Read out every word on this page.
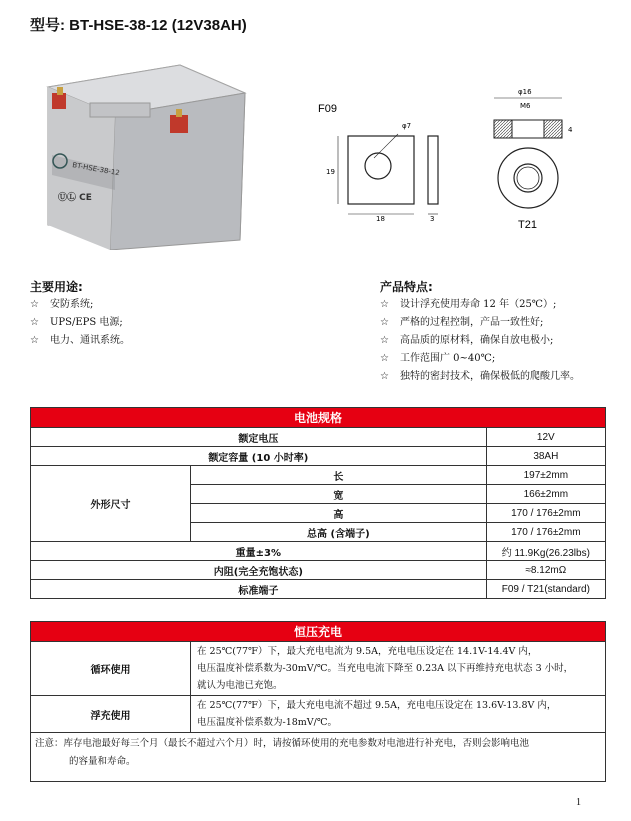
型号: BT-HSE-38-12 (12V38AH)
BT-HSE-38-12
ⓊⓁ CE
F09
φ7
19
18	3
φ16
M6
4
T21
主要用途:
☆ 安防系统;
☆ UPS/EPS 电源;
☆ 电力、通讯系统。
产品特点:
☆ 设计浮充使用寿命 12 年（25℃）;
☆ 严格的过程控制，产品一致性好;
☆ 高品质的原材料，确保自放电极小;
☆ 工作范围广 0~40℃;
☆ 独特的密封技术，确保极低的爬酸几率。
电池规格		
额定电压		12V
额定容量 (10 小时率)		38AH
外形尺寸	长	197±2mm
	宽	166±2mm
	高	170 / 176±2mm
	总高 (含端子)	170 / 176±2mm
重量±3%		约 11.9Kg(26.23lbs)
内阻(完全充饱状态)		≈8.12mΩ
标准端子		F09 / T21(standard)
恒压充电	
循环使用	在 25℃(77℉）下，最大充电电流为 9.5A，充电电压设定在 14.1V-14.4V 内，
电压温度补偿系数为-30mV/℃。当充电电流下降至 0.23A 以下再维持充电状态 3 小时，
就认为电池已充饱。

浮充使用	在 25℃(77℉）下，最大充电电流不超过 9.5A，充电电压设定在 13.6V-13.8V 内，
电压温度补偿系数为-18mV/℃。

注意：库存电池最好每三个月（最长不超过六个月）时，请按循环使用的充电参数对电池进行补充电，否则会影响电池
的容量和寿命。	
1
